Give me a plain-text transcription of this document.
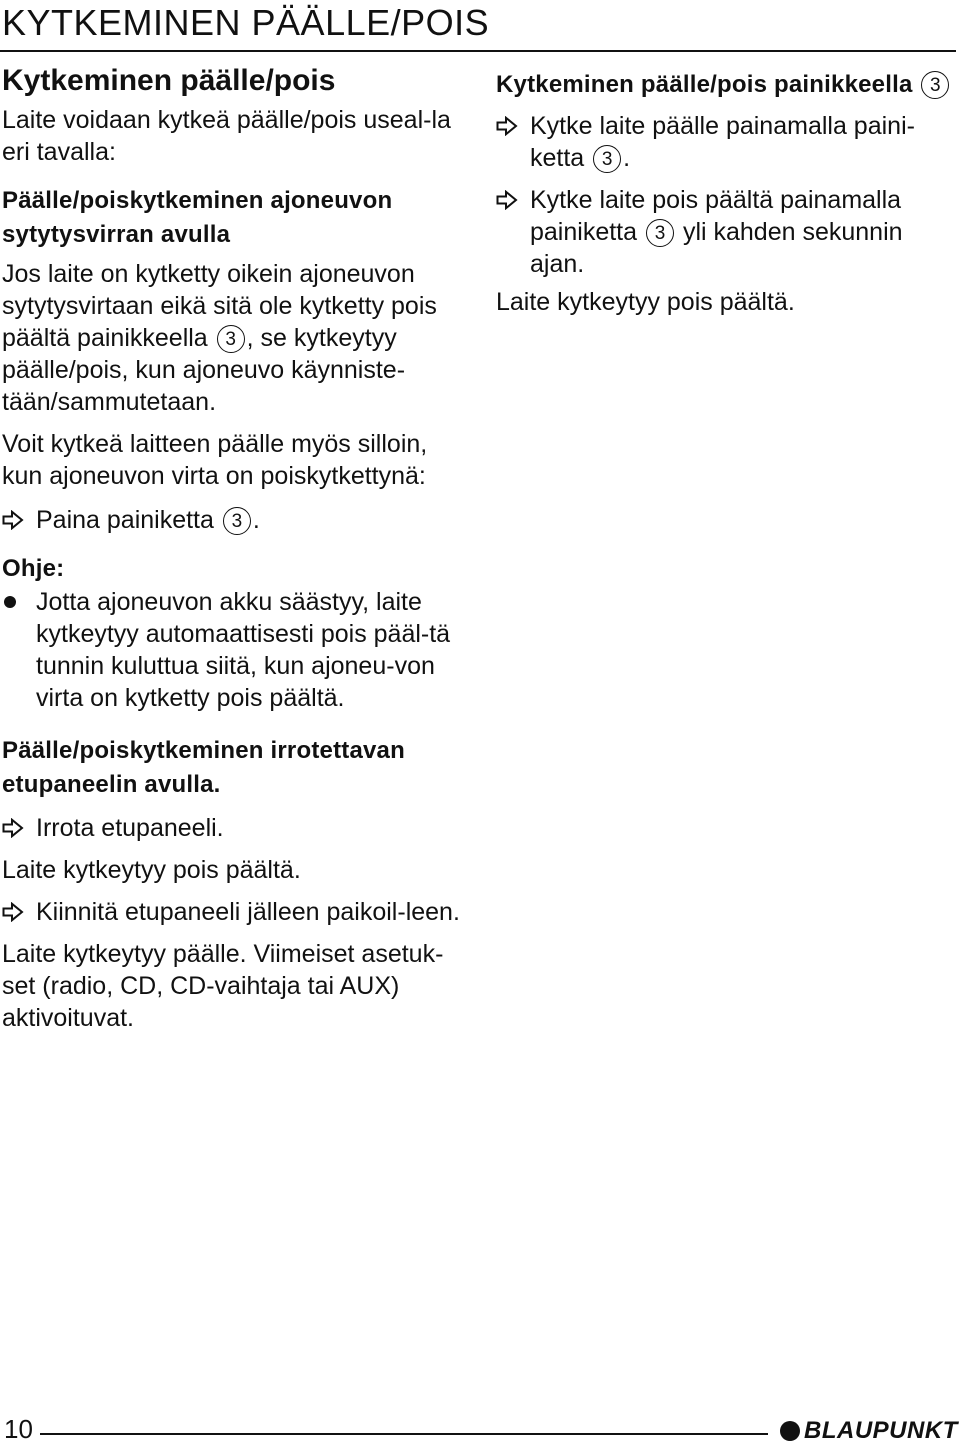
KYTKEMINEN PÄÄLLE/POIS
Kytkeminen päälle/pois

Laite voidaan kytkeä päälle/pois useal-la eri tavalla:

Päälle/poiskytkeminen ajoneuvon sytytysvirran avulla

Jos laite on kytketty oikein ajoneuvon sytytysvirtaan eikä sitä ole kytketty pois päältä painikkeella 3 , se kytkeytyy päälle/pois, kun ajoneuvo käynniste-tään/sammutetaan.

Voit kytkeä laitteen päälle myös silloin, kun ajoneuvon virta on poiskytkettynä:

Paina painiketta 3 .
Ohje:
Jotta ajoneuvon akku säästyy, laite kytkeytyy automaattisesti pois pääl-tä tunnin kuluttua siitä, kun ajoneu-von virta on kytketty pois päältä.
Päälle/poiskytkeminen irrotettavan etupaneelin avulla.
Irrota etupaneeli.

Laite kytkeytyy pois päältä.

Kiinnitä etupaneeli jälleen paikoil-leen.

Laite kytkeytyy päälle. Viimeiset asetuk-set (radio, CD, CD-vaihtaja tai AUX) aktivoituvat.

Kytkeminen päälle/pois painikkeella 3
Kytke laite päälle painamalla paini-ketta 3 .
Kytke laite pois päältä painamalla painiketta 3 yli kahden sekunnin ajan.

Laite kytkeytyy pois päältä.

10	BLAUPUNKT
